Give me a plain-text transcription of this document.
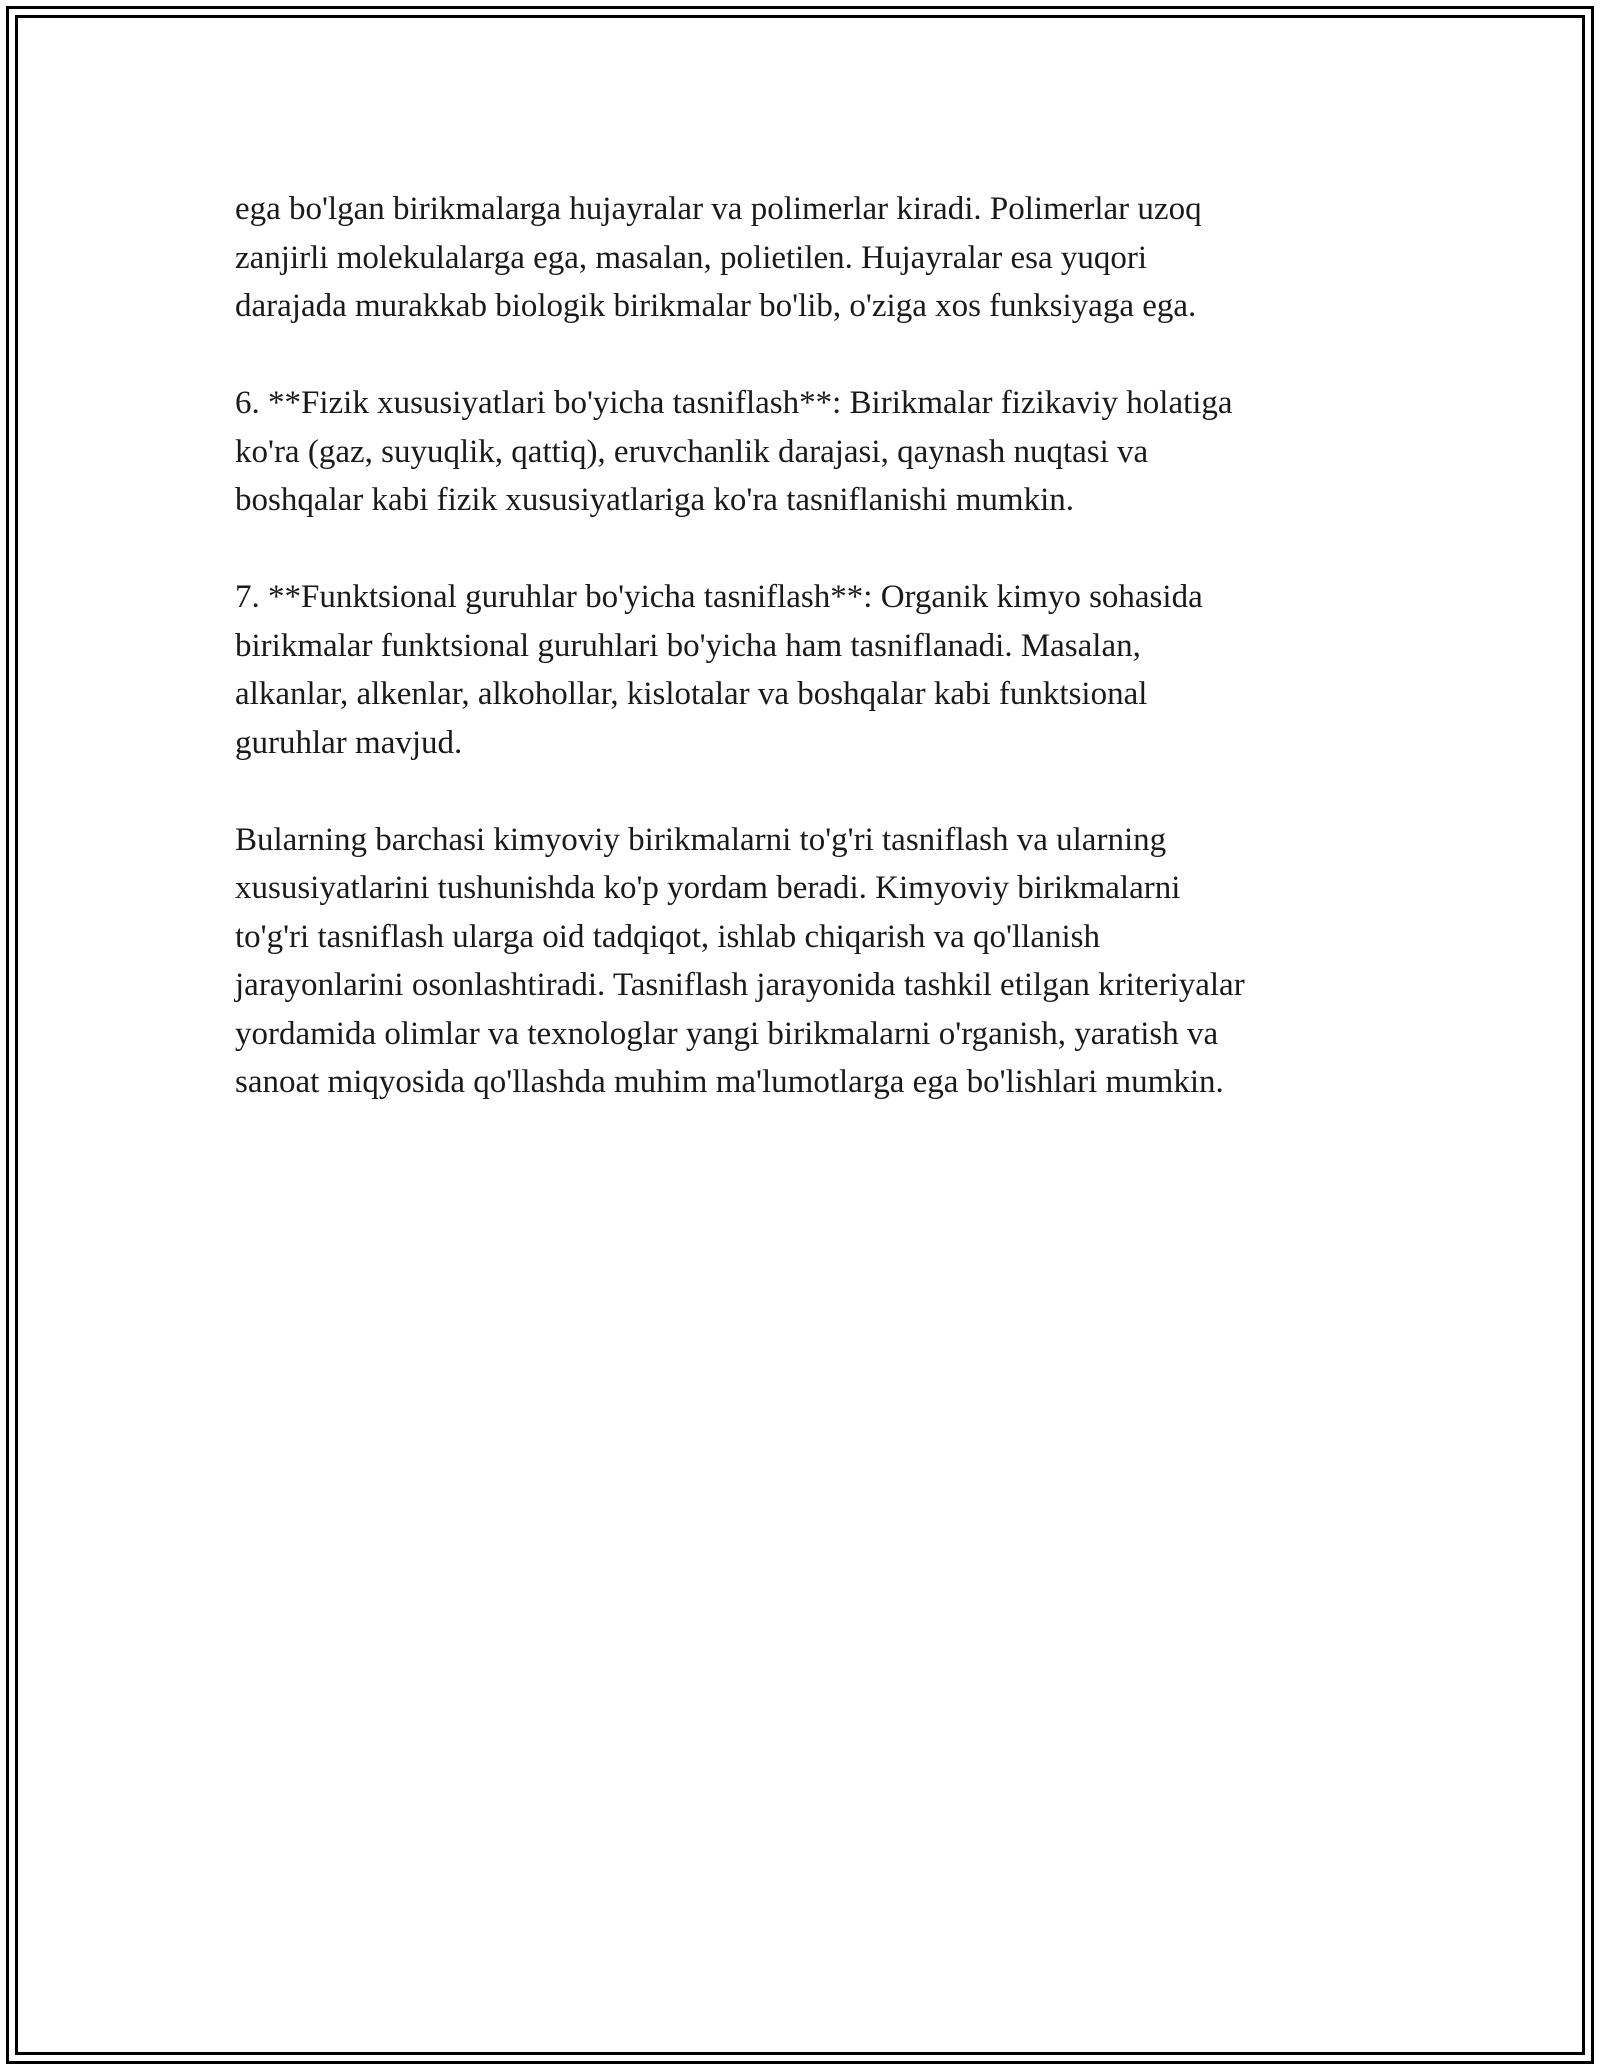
ega bo'lgan birikmalarga hujayralar va polimerlar kiradi. Polimerlar uzoq
zanjirli molekulalarga ega, masalan, polietilen. Hujayralar esa yuqori
darajada murakkab biologik birikmalar bo'lib, o'ziga xos funksiyaga ega.
6. **Fizik xususiyatlari bo'yicha tasniflash**: Birikmalar fizikaviy holatiga
ko'ra (gaz, suyuqlik, qattiq), eruvchanlik darajasi, qaynash nuqtasi va
boshqalar kabi fizik xususiyatlariga ko'ra tasniflanishi mumkin.
7. **Funktsional guruhlar bo'yicha tasniflash**: Organik kimyo sohasida
birikmalar funktsional guruhlari bo'yicha ham tasniflanadi. Masalan,
alkanlar, alkenlar, alkohollar, kislotalar va boshqalar kabi funktsional
guruhlar mavjud.
Bularning barchasi kimyoviy birikmalarni to'g'ri tasniflash va ularning
xususiyatlarini tushunishda ko'p yordam beradi. Kimyoviy birikmalarni
to'g'ri tasniflash ularga oid tadqiqot, ishlab chiqarish va qo'llanish
jarayonlarini osonlashtiradi. Tasniflash jarayonida tashkil etilgan kriteriyalar
yordamida olimlar va texnologlar yangi birikmalarni o'rganish, yaratish va
sanoat miqyosida qo'llashda muhim ma'lumotlarga ega bo'lishlari mumkin.
